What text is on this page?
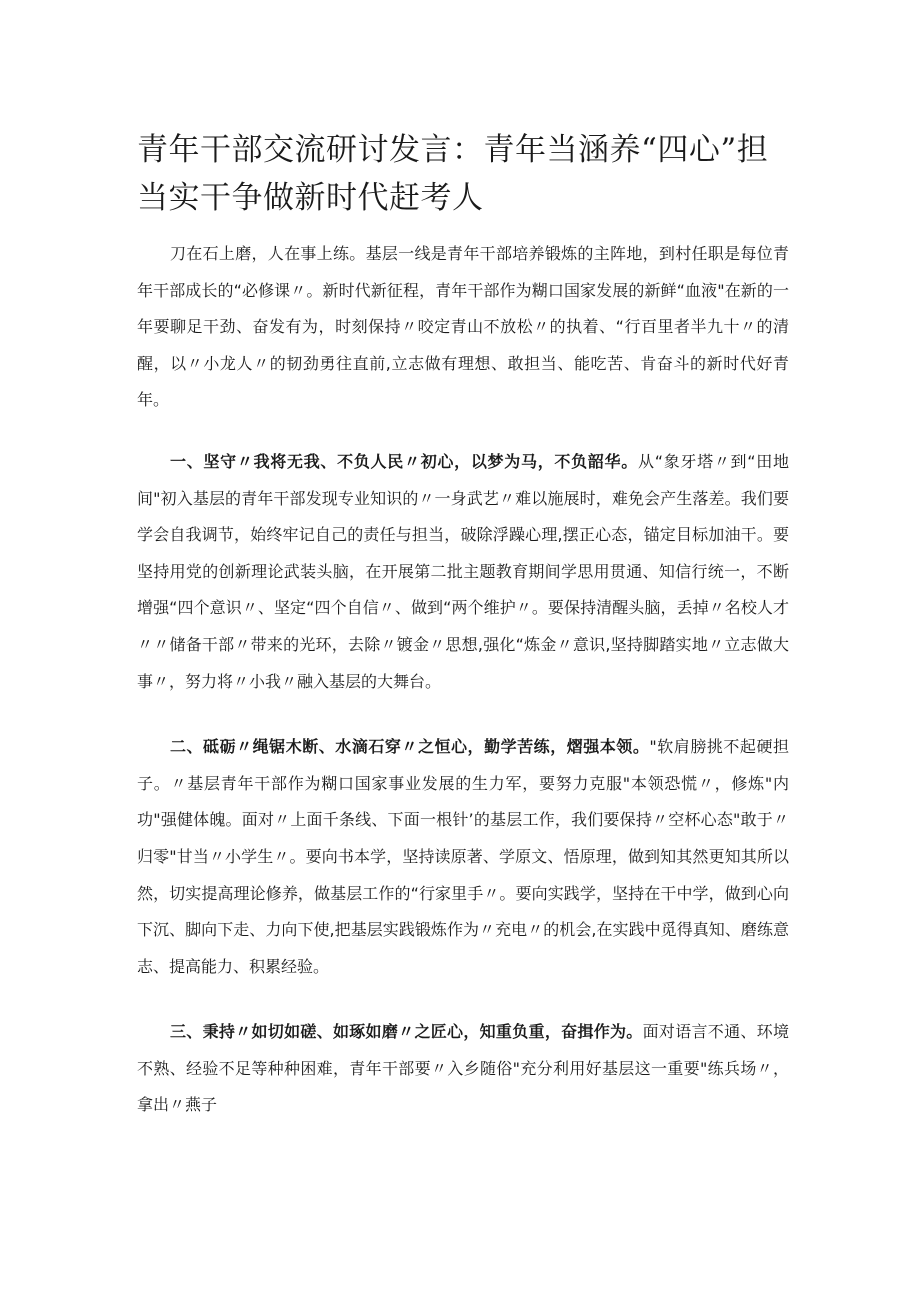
青年干部交流研讨发言：青年当涵养“四心”担当实干争做新时代赶考人

刀在石上磨，人在事上练。基层一线是青年干部培养锻炼的主阵地，到村任职是每位青年干部成长的“必修课〃。新时代新征程，青年干部作为糊口国家发展的新鲜“血液"在新的一年要聊足干劲、奋发有为，时刻保持〃咬定青山不放松〃的执着、“行百里者半九十〃的清醒，以〃小龙人〃的韧劲勇往直前,立志做有理想、敢担当、能吃苦、肯奋斗的新时代好青年。

一、坚守〃我将无我、不负人民〃初心，以梦为马，不负韶华。从“象牙塔〃到“田地间"初入基层的青年干部发现专业知识的〃一身武艺〃难以施展时，难免会产生落差。我们要学会自我调节，始终牢记自己的责任与担当，破除浮躁心理,摆正心态，锚定目标加油干。要坚持用党的创新理论武装头脑，在开展第二批主题教育期间学思用贯通、知信行统一，不断增强“四个意识〃、坚定“四个自信〃、做到“两个维护〃。要保持清醒头脑，丢掉〃名校人才〃〃储备干部〃带来的光环，去除〃镀金〃思想,强化“炼金〃意识,坚持脚踏实地〃立志做大事〃，努力将〃小我〃融入基层的大舞台。

二、砥砺〃绳锯木断、水滴石穿〃之恒心，勤学苦练，熠强本领。"软肩膀挑不起硬担子。〃基层青年干部作为糊口国家事业发展的生力军，要努力克服"本领恐慌〃，修炼"内功"强健体魄。面对〃上面千条线、下面一根针’的基层工作，我们要保持〃空杯心态"敢于〃归零"甘当〃小学生〃。要向书本学，坚持读原著、学原文、悟原理，做到知其然更知其所以然，切实提高理论修养，做基层工作的“行家里手〃。要向实践学，坚持在干中学，做到心向下沉、脚向下走、力向下使,把基层实践锻炼作为〃充电〃的机会,在实践中觅得真知、磨练意志、提高能力、积累经验。

三、秉持〃如切如磋、如琢如磨〃之匠心，知重负重，奋揖作为。面对语言不通、环境不熟、经验不足等种种困难，青年干部要〃入乡随俗"充分利用好基层这一重要"练兵场〃，拿出〃燕子
